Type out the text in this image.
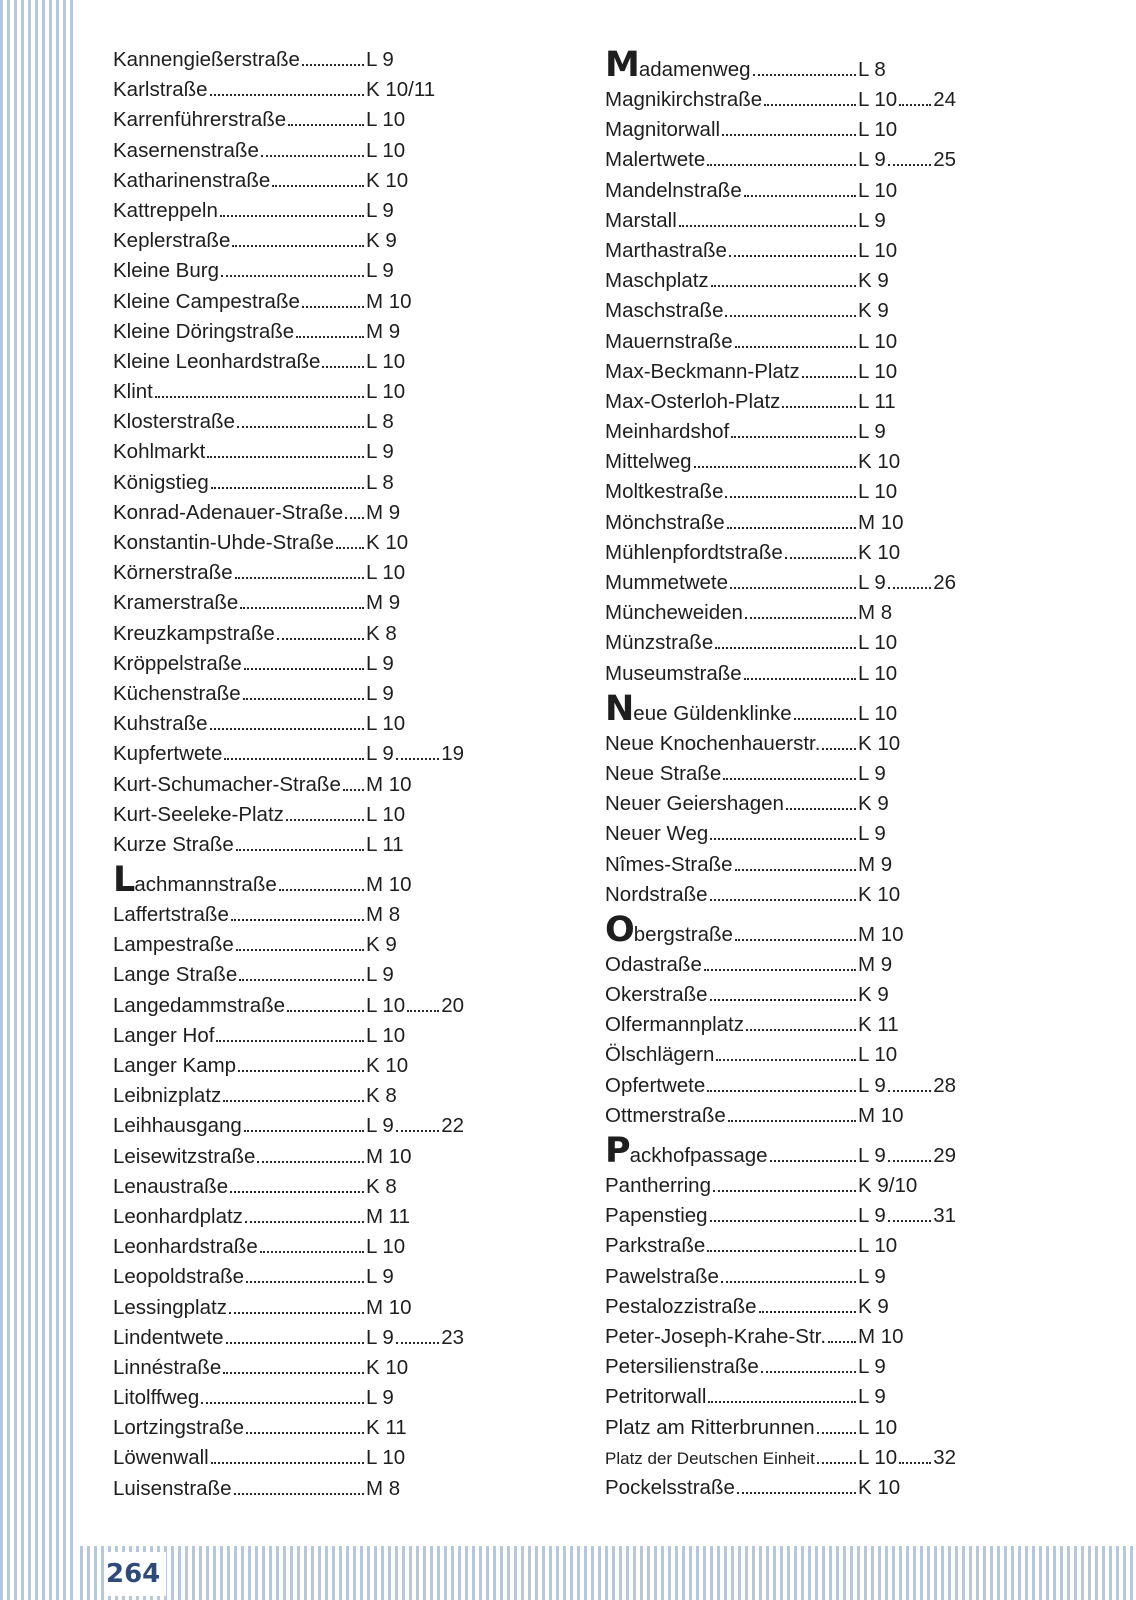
264
Kannengießerstraße	L 9
Karlstraße	K 10/11
Karrenführerstraße	L 10
Kasernenstraße	L 10
Katharinenstraße	K 10
Kattreppeln	L 9
Keplerstraße	K 9
Kleine Burg	L 9
Kleine Campestraße	M 10
Kleine Döringstraße	M 9
Kleine Leonhardstraße L 10
Klint	L 10
Klosterstraße	L 8
Kohlmarkt	L 9
Königstieg	L 8
Konrad-Adenauer-Straße M 9
Konstantin-Uhde-Straße K 10
Körnerstraße	L 10
Kramerstraße	M 9
Kreuzkampstraße	K 8
Kröppelstraße	L 9
Küchenstraße	L 9
Kuhstraße	L 10
Kupfertwete	L 9 19
Kurt-Schumacher-Straße M 10
Kurt-Seeleke-Platz	L 10
Kurze Straße	L 11
Lachmannstraße	M 10
Laffertstraße	M 8
Lampestraße	K 9
Lange Straße	L 9
Langedammstraße	L 10 20
Langer Hof	L 10
Langer Kamp	K 10
Leibnizplatz	K 8
Leihhausgang	L 9 22
Leisewitzstraße	M 10
Lenaustraße	K 8
Leonhardplatz	M 11
Leonhardstraße	L 10
Leopoldstraße	L 9
Lessingplatz	M 10
Lindentwete	L 9 23
Linnéstraße	K 10
Litolffweg	L 9
Lortzingstraße	K 11
Löwenwall	L 10
Luisenstraße	M 8
Madamenweg	L 8
Magnikirchstraße	L 10 24
Magnitorwall	L 10
Malertwete	L 9 25
Mandelnstraße	L 10
Marstall	L 9
Marthastraße	L 10
Maschplatz	K 9
Maschstraße	K 9
Mauernstraße	L 10
Max-Beckmann-Platz	L 10
Max-Osterloh-Platz	L 11
Meinhardshof	L 9
Mittelweg	K 10
Moltkestraße	L 10
Mönchstraße	M 10
Mühlenpfordtstraße	K 10
Mummetwete	L 9 26
Müncheweiden	M 8
Münzstraße	L 10
Museumstraße	L 10
Neue Güldenklinke	L 10
Neue Knochenhauerstr. K 10
Neue Straße	L 9
Neuer Geiershagen	K 9
Neuer Weg	L 9
Nîmes-Straße	M 9
Nordstraße	K 10
Obergstraße	M 10
Odastraße	M 9
Okerstraße	K 9
Olfermannplatz	K 11
Ölschlägern	L 10
Opfertwete	L 9 28
Ottmerstraße	M 10
Packhofpassage	L 9 29
Pantherring	K 9/10
Papenstieg	L 9 31
Parkstraße	L 10
Pawelstraße	L 9
Pestalozzistraße	K 9
Peter-Joseph-Krahe-Str. M 10
Petersilienstraße	L 9
Petritorwall	L 9
Platz am Ritterbrunnen L 10
Platz der Deutschen Einheit L 10 32
Pockelsstraße	K 10
